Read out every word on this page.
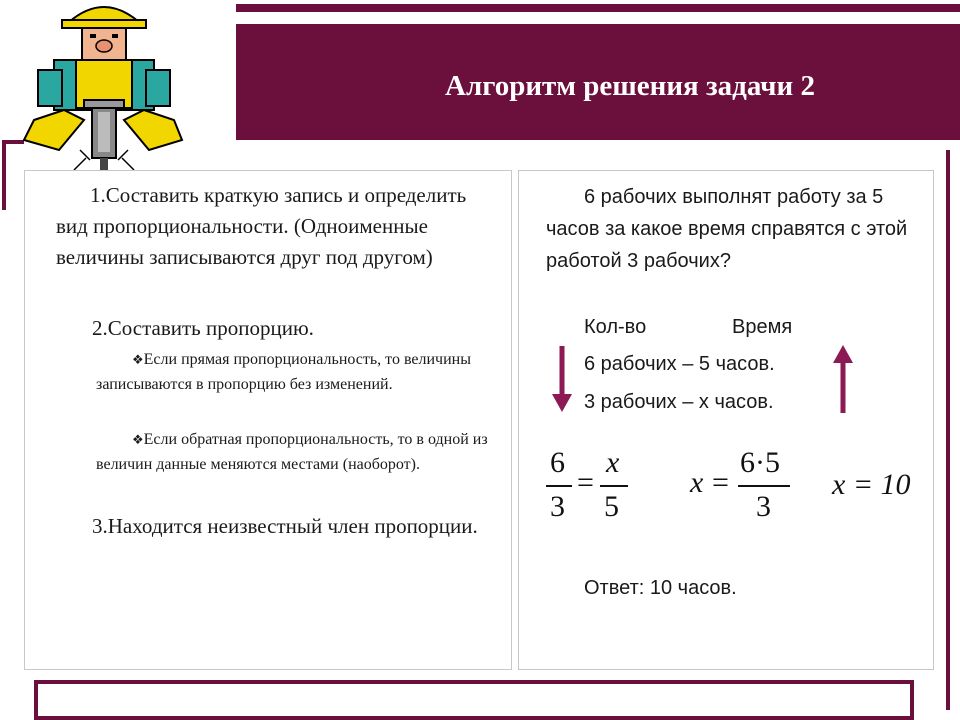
Алгоритм решения задачи 2

1.Составить краткую запись и определить вид пропорциональности. (Одноименные величины записываются друг под другом)

2.Составить пропорцию.

❖Если прямая пропорциональность, то величины записываются в пропорцию без изменений.
❖Если обратная пропорциональность, то в одной из величин данные меняются местами (наоборот).

3.Находится неизвестный член пропорции.

6 рабочих выполнят работу за 5 часов за какое время справятся с этой работой 3 рабочих?

Кол-во	Время
6 рабочих – 5 часов.
3 рабочих – х часов.
6
3
=
x
5
x =
6·5
3
x = 10
Ответ: 10 часов.
